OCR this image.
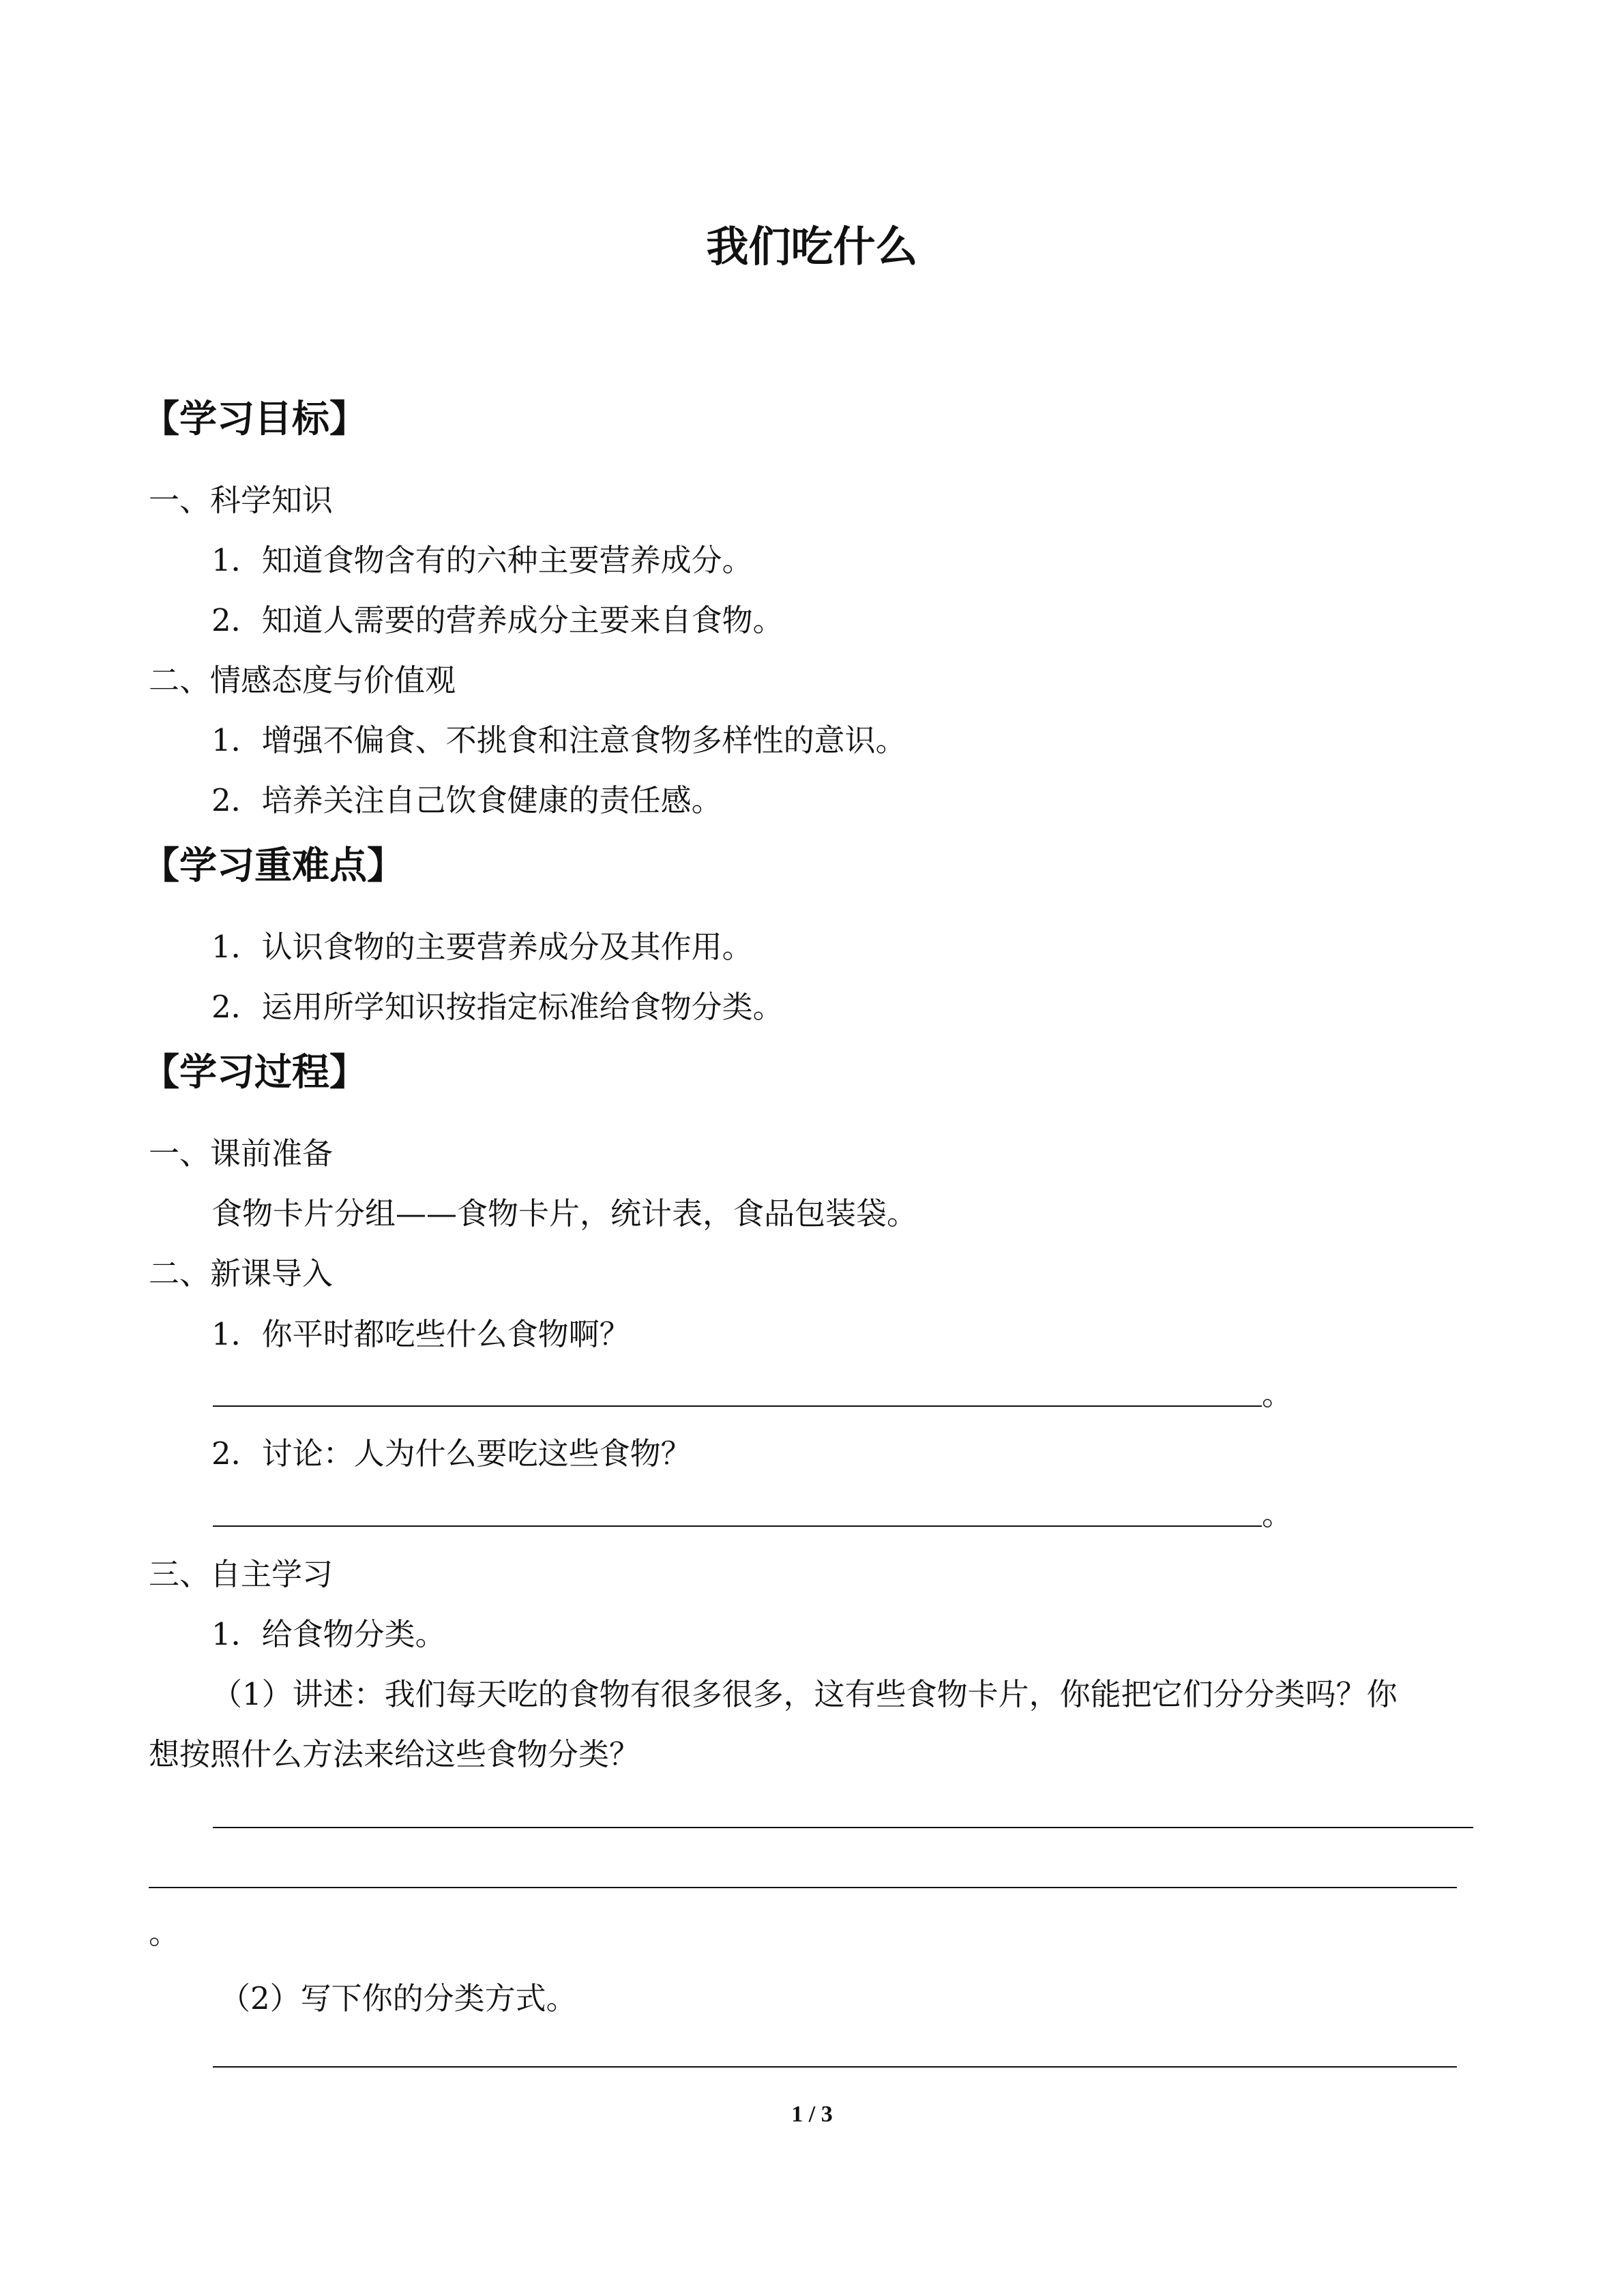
我们吃什么
【学习目标】
一、科学知识
1．知道食物含有的六种主要营养成分。
2．知道人需要的营养成分主要来自食物。
二、情感态度与价值观
1．增强不偏食、不挑食和注意食物多样性的意识。
2．培养关注自己饮食健康的责任感。
【学习重难点】
1．认识食物的主要营养成分及其作用。
2．运用所学知识按指定标准给食物分类。
【学习过程】
一、课前准备
食物卡片分组——食物卡片，统计表，食品包装袋。
二、新课导入
1．你平时都吃些什么食物啊？
。
2．讨论：人为什么要吃这些食物？
。
三、自主学习
1．给食物分类。
（1）讲述：我们每天吃的食物有很多很多，这有些食物卡片，你能把它们分分类吗？你
想按照什么方法来给这些食物分类？
。
（2）写下你的分类方式。
1 / 3
